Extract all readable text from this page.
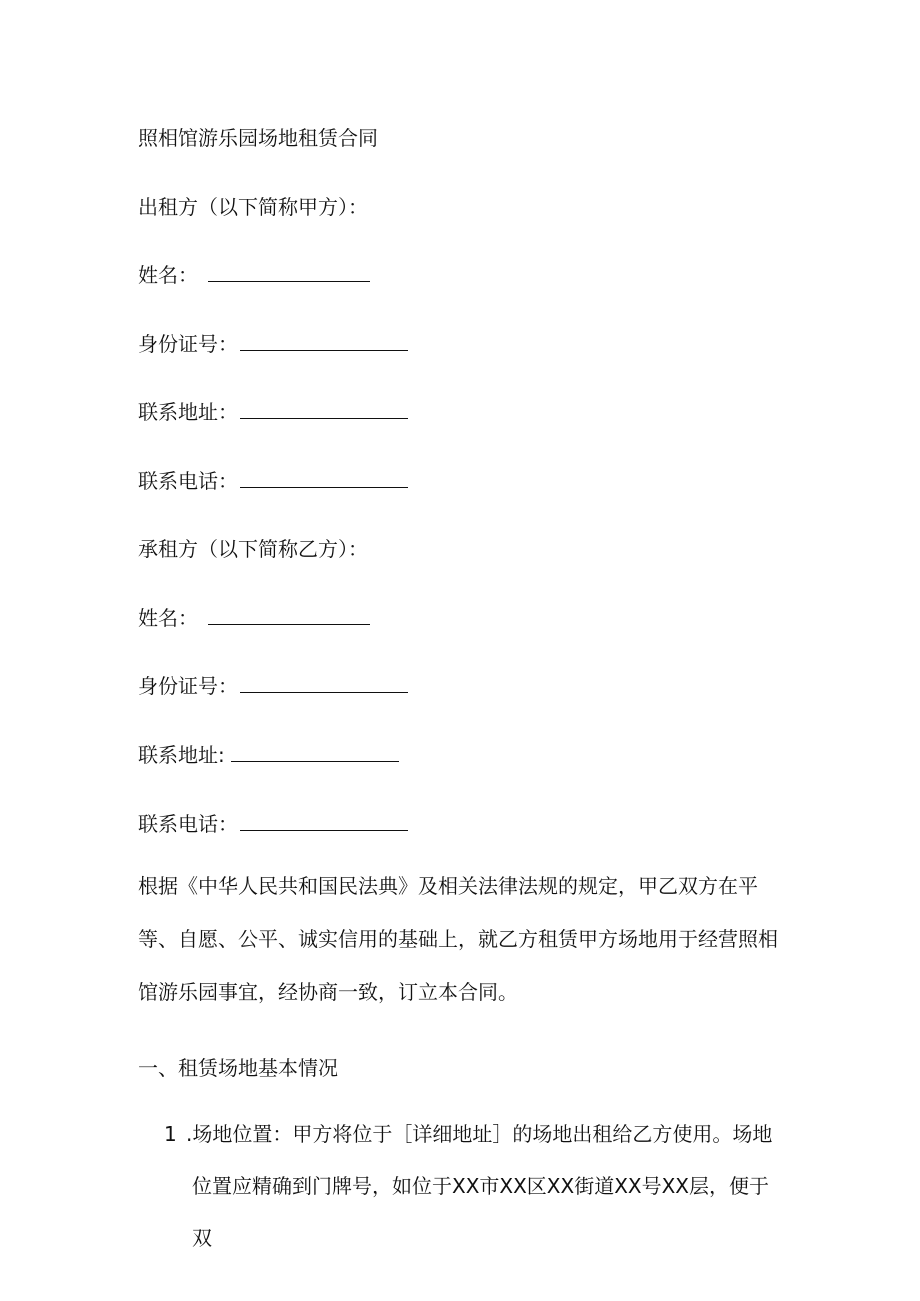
照相馆游乐园场地租赁合同
出租方（以下简称甲方）：
姓名：
身份证号：
联系地址：
联系电话：
承租方（以下简称乙方）：
姓名：
身份证号：
联系地址:
联系电话：
根据《中华人民共和国民法典》及相关法律法规的规定，甲乙双方在平
等、自愿、公平、诚实信用的基础上，就乙方租赁甲方场地用于经营照相
馆游乐园事宜，经协商一致，订立本合同。
一、租赁场地基本情况
1 .场地位置：甲方将位于［详细地址］的场地出租给乙方使用。场地
位置应精确到门牌号，如位于XX市XX区XX街道XX号XX层，便于双
